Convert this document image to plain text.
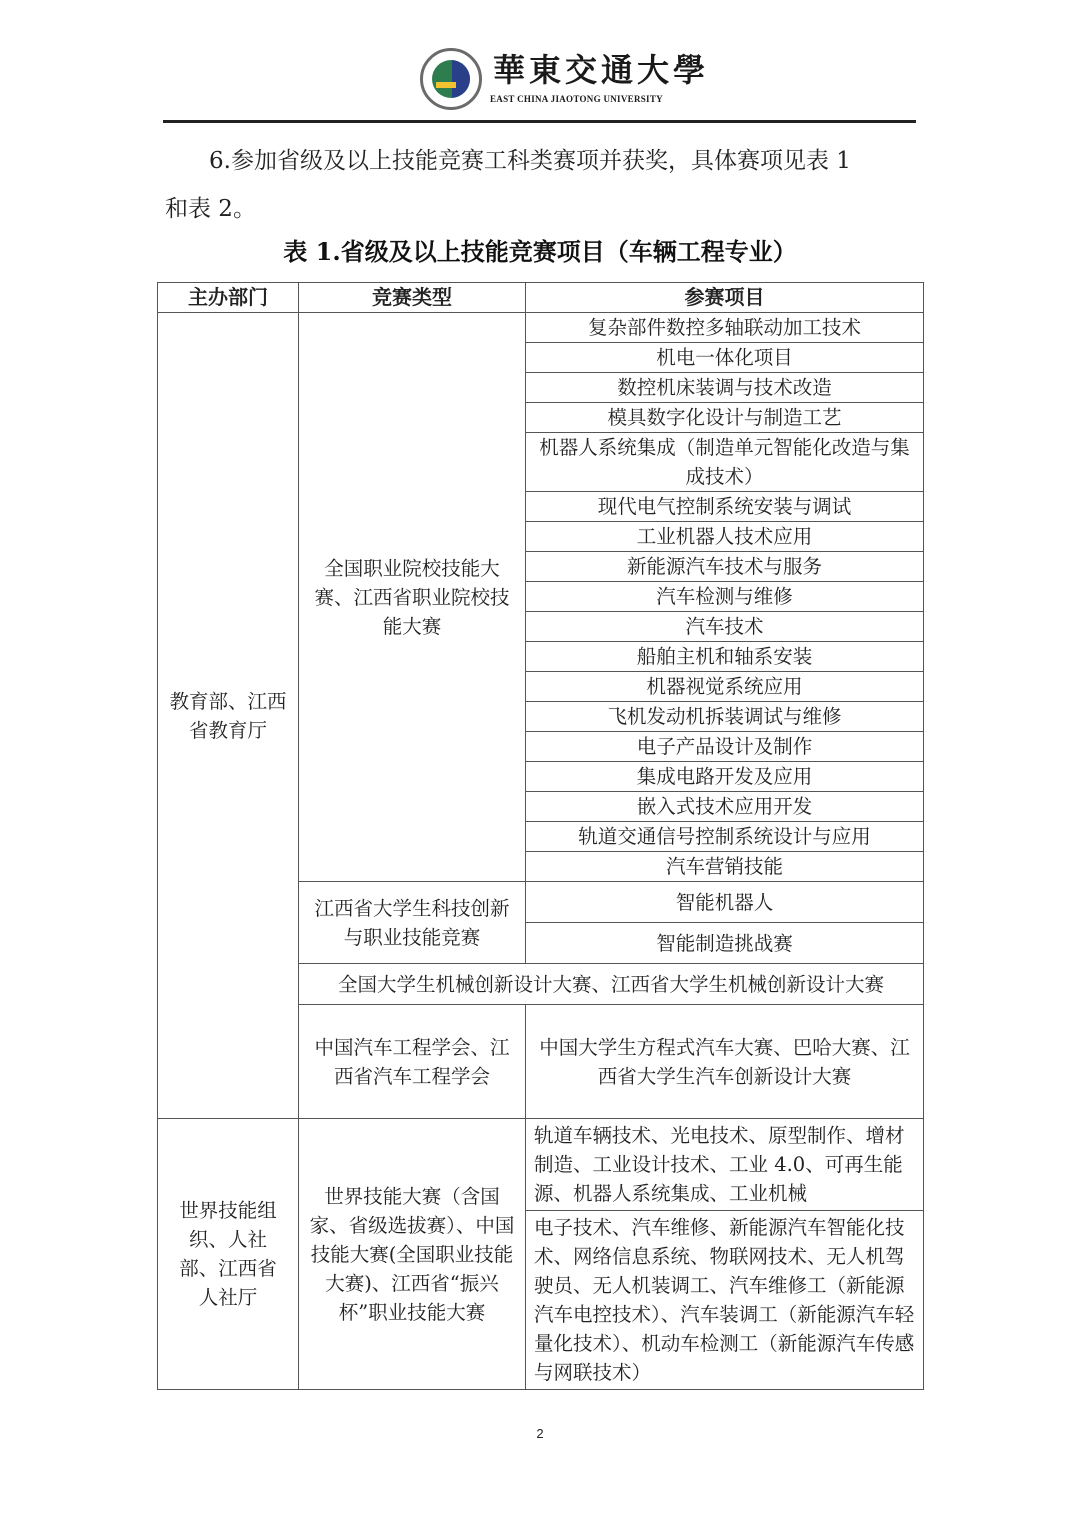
華東交通大學
EAST CHINA JIAOTONG UNIVERSITY
6.参加省级及以上技能竞赛工科类赛项并获奖，具体赛项见表 1
和表 2。
表 1.省级及以上技能竞赛项目（车辆工程专业）
主办部门	竞赛类型	参赛项目
教育部、江西省教育厅	全国职业院校技能大赛、江西省职业院校技能大赛	复杂部件数控多轴联动加工技术
		机电一体化项目
		数控机床装调与技术改造
		模具数字化设计与制造工艺
		机器人系统集成（制造单元智能化改造与集成技术）
		现代电气控制系统安装与调试
		工业机器人技术应用
		新能源汽车技术与服务
		汽车检测与维修
		汽车技术
		船舶主机和轴系安装
		机器视觉系统应用
		飞机发动机拆装调试与维修
		电子产品设计及制作
		集成电路开发及应用
		嵌入式技术应用开发
		轨道交通信号控制系统设计与应用
		汽车营销技能
	江西省大学生科技创新与职业技能竞赛	智能机器人
		智能制造挑战赛
	全国大学生机械创新设计大赛、江西省大学生机械创新设计大赛	
	中国汽车工程学会、江西省汽车工程学会	中国大学生方程式汽车大赛、巴哈大赛、江西省大学生汽车创新设计大赛
世界技能组织、人社部、江西省人社厅	世界技能大赛（含国家、省级选拔赛）、中国技能大赛(全国职业技能大赛)、江西省“振兴杯”职业技能大赛	轨道车辆技术、光电技术、原型制作、增材制造、工业设计技术、工业 4.0、可再生能源、机器人系统集成、工业机械
		电子技术、汽车维修、新能源汽车智能化技术、网络信息系统、物联网技术、无人机驾驶员、无人机装调工、汽车维修工（新能源汽车电控技术）、汽车装调工（新能源汽车轻量化技术）、机动车检测工（新能源汽车传感与网联技术）
2
